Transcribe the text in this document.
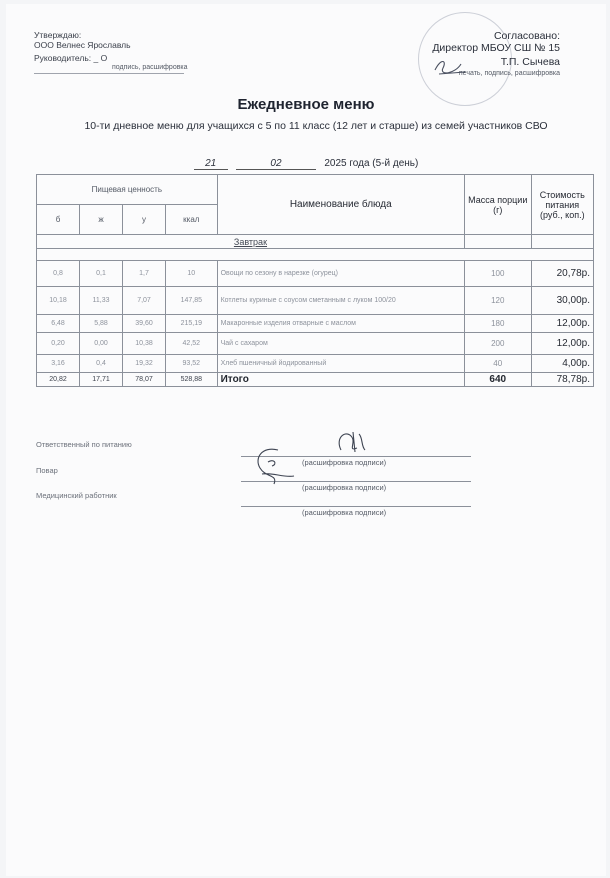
Утверждаю:
ООО Велнес Ярославль
Руководитель: _ О
подпись, расшифровка
Согласовано:
Директор МБОУ СШ № 15
Т.П. Сычева
печать, подпись, расшифровка
Ежедневное меню
10-ти дневное меню для учащихся с 5 по 11 класс (12 лет и старше) из семей участников СВО
21	02	2025 года (5-й день)
Пищевая ценность				Наименование блюда	Масса порции (г)	Стоимость питания (руб., коп.)
б	ж	у	ккал			
Завтрак						

0,8	0,1	1,7	10	Овощи по сезону в нарезке (огурец)	100	20,78р.
10,18	11,33	7,07	147,85	Котлеты куриные с соусом сметанным с луком 100/20	120	30,00р.
6,48	5,88	39,60	215,19	Макаронные изделия отварные с маслом	180	12,00р.
0,20	0,00	10,38	42,52	Чай с сахаром	200	12,00р.
3,16	0,4	19,32	93,52	Хлеб пшеничный йодированный	40	4,00р.
20,82	17,71	78,07	528,88	Итого	640	78,78р.
Ответственный по питанию
(расшифровка подписи)
Повар
(расшифровка подписи)
Медицинский работник
(расшифровка подписи)
